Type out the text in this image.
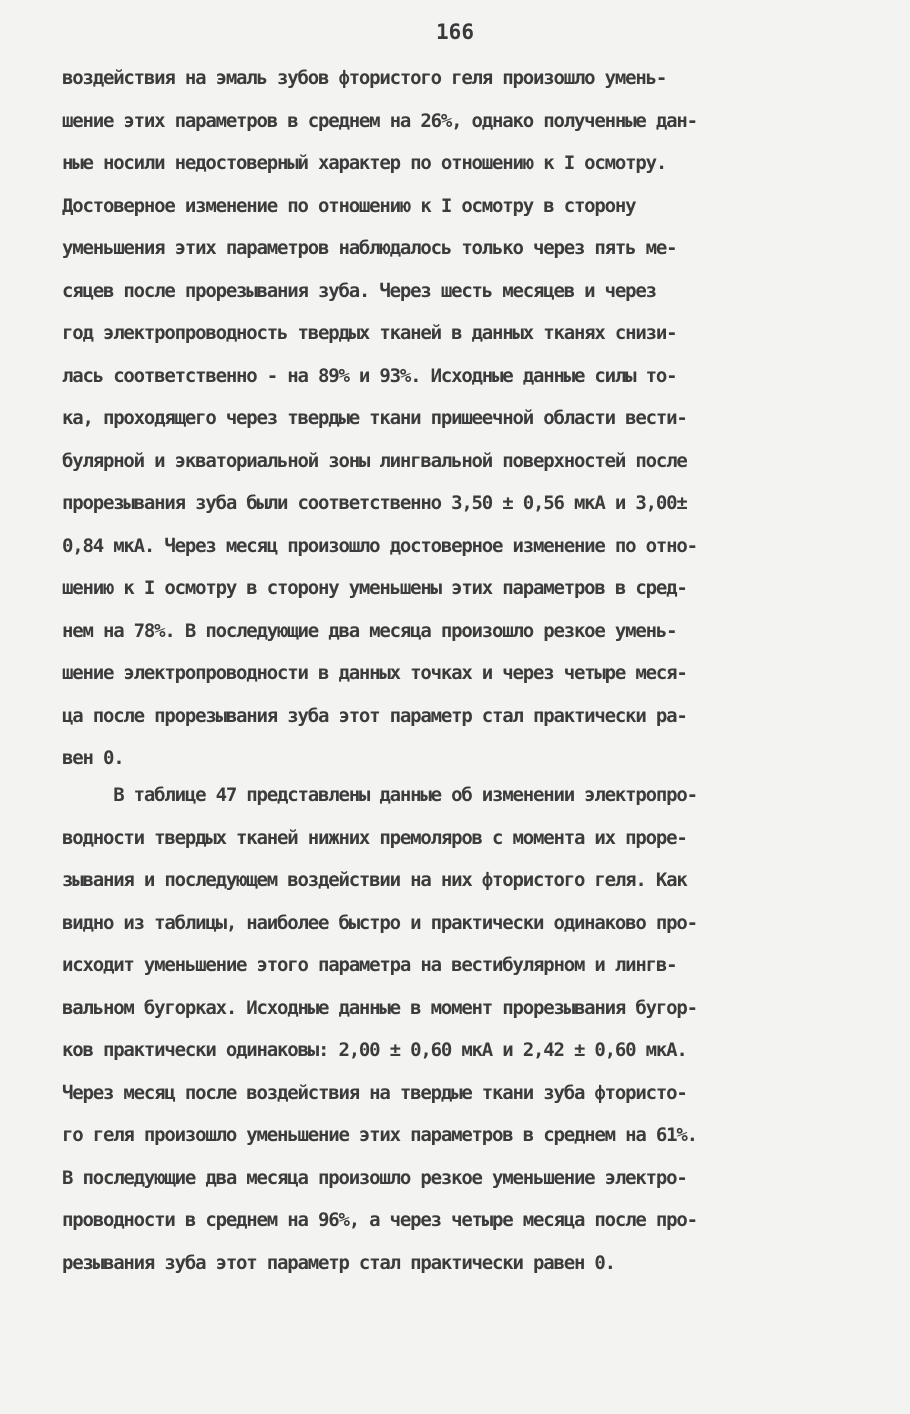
166
воздействия на эмаль зубов фтористого геля произошло умень-
шение этих параметров в среднем на 26%, однако полученные дан-
ные носили недостоверный характер по отношению к I осмотру.
Достоверное изменение по отношению к I осмотру в сторону
уменьшения этих параметров наблюдалось только через пять ме-
сяцев после прорезывания зуба. Через шесть месяцев и через
год электропроводность твердых тканей в данных тканях снизи-
лась соответственно - на 89% и 93%. Исходные данные силы то-
ка, проходящего через твердые ткани пришеечной области вести-
булярной и экваториальной зоны лингвальной поверхностей после
прорезывания зуба были соответственно 3,50 ± 0,56 мкА и 3,00±
0,84 мкА. Через месяц произошло достоверное изменение по отно-
шению к I осмотру в сторону уменьшены этих параметров в сред-
нем на 78%. В последующие два месяца произошло резкое умень-
шение электропроводности в данных точках и через четыре меся-
ца после прорезывания зуба этот параметр стал практически ра-
вен 0.
В таблице 47 представлены данные об изменении электропро-
водности твердых тканей нижних премоляров с момента их проре-
зывания и последующем воздействии на них фтористого геля. Как
видно из таблицы, наиболее быстро и практически одинаково про-
исходит уменьшение этого параметра на вестибулярном и лингв-
вальном бугорках. Исходные данные в момент прорезывания бугор-
ков практически одинаковы: 2,00 ± 0,60 мкА и 2,42 ± 0,60 мкА.
Через месяц после воздействия на твердые ткани зуба фтористо-
го геля произошло уменьшение этих параметров в среднем на 61%.
В последующие два месяца произошло резкое уменьшение электро-
проводности в среднем на 96%, а через четыре месяца после про-
резывания зуба этот параметр стал практически равен 0.
